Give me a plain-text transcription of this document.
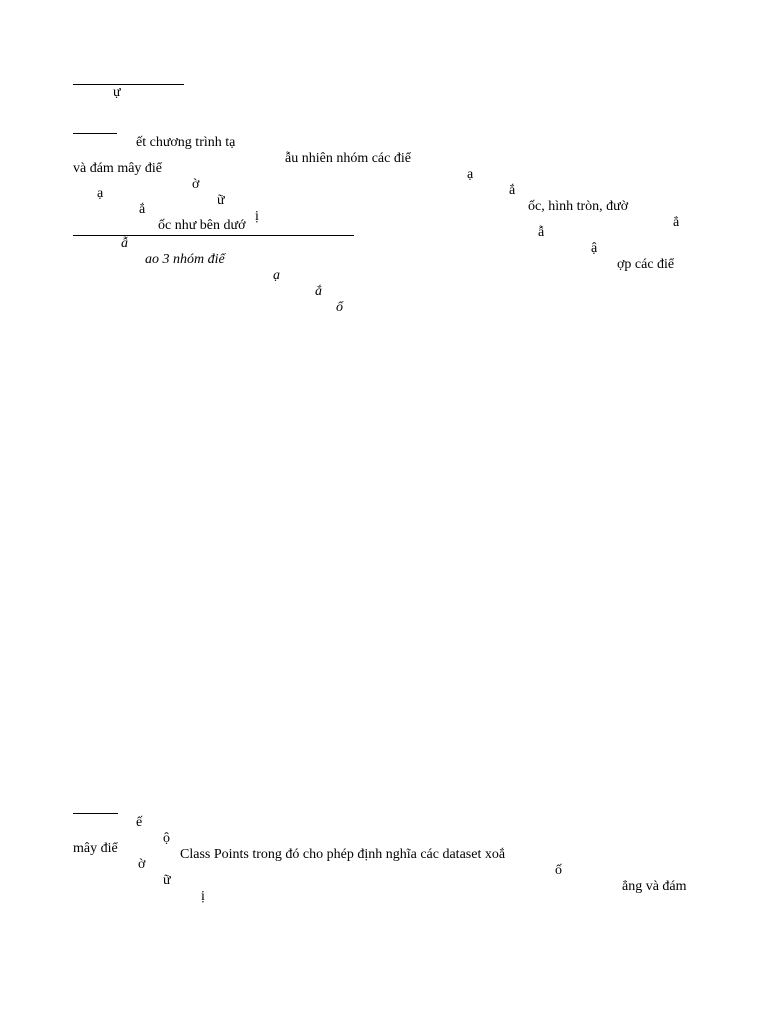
ự

ết chương trình tạ

ẫu nhiên nhóm các điể

ạ

ắ

ốc, hình tròn, đườ

ẳ

và đám mây điể

ờ

ữ

ị

ẫ

ậ

ợp các điể

ạ

ắ

ốc như bên dướ

ẫ

ao 3 nhóm điể

ạ

ắ

ổ

ế

ộ

Class Points trong đó cho phép định nghĩa các dataset xoắ

ố

ẳng và đám

mây điể

ờ

ữ

ị
